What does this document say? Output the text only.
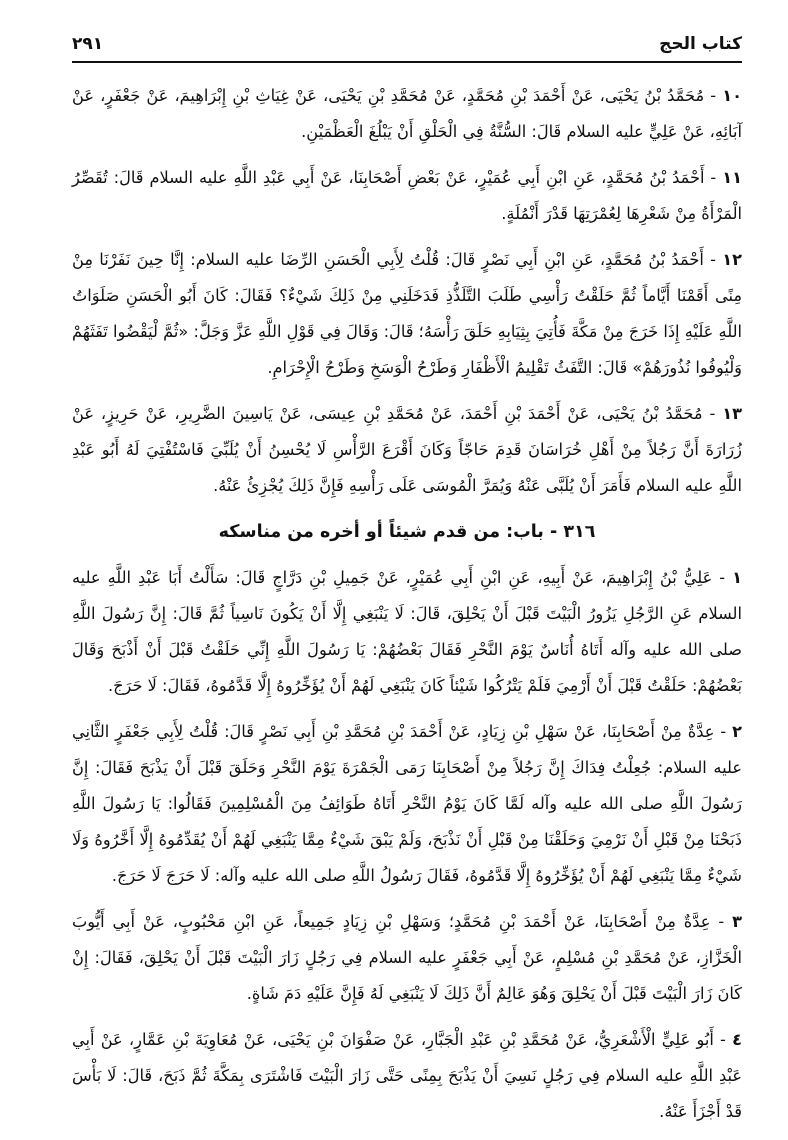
كتاب الحج
٢٩١

١٠ - مُحَمَّدُ بْنُ يَحْيَى، عَنْ أَحْمَدَ بْنِ مُحَمَّدٍ، عَنْ مُحَمَّدِ بْنِ يَحْيَى، عَنْ غِيَاثِ بْنِ إِبْرَاهِيمَ، عَنْ جَعْفَرٍ، عَنْ آبَائِهِ، عَنْ عَلِيٍّ عليه السلام قَالَ: السُّنَّةُ فِي الْحَلْقِ أَنْ يَبْلُغَ الْعَظْمَيْنِ.

١١ - أَحْمَدُ بْنُ مُحَمَّدٍ، عَنِ ابْنِ أَبِي عُمَيْرٍ، عَنْ بَعْضِ أَصْحَابِنَا، عَنْ أَبِي عَبْدِ اللَّهِ عليه السلام قَالَ: تُقَصِّرُ الْمَرْأَةُ مِنْ شَعْرِهَا لِعُمْرَتِهَا قَدْرَ أَنْمُلَةٍ.

١٢ - أَحْمَدُ بْنُ مُحَمَّدٍ، عَنِ ابْنِ أَبِي نَصْرٍ قَالَ: قُلْتُ لِأَبِي الْحَسَنِ الرِّضَا عليه السلام: إِنَّا حِينَ نَفَرْنَا مِنْ مِنًى أَقَمْنَا أَيَّاماً ثُمَّ حَلَقْتُ رَأْسِي طَلَبَ التَّلَذُّذِ فَدَخَلَنِي مِنْ ذَلِكَ شَيْءٌ؟ فَقَالَ: كَانَ أَبُو الْحَسَنِ صَلَوَاتُ اللَّهِ عَلَيْهِ إِذَا خَرَجَ مِنْ مَكَّةَ فَأُتِيَ بِثِيَابِهِ حَلَقَ رَأْسَهُ؛ قَالَ: وَقَالَ فِي قَوْلِ اللَّهِ عَزَّ وَجَلَّ: «ثُمَّ لْيَقْضُوا تَفَثَهُمْ وَلْيُوفُوا نُذُورَهُمْ» قَالَ: التَّفَثُ تَقْلِيمُ الْأَظْفَارِ وَطَرْحُ الْوَسَخِ وَطَرْحُ الْإِحْرَامِ.

١٣ - مُحَمَّدُ بْنُ يَحْيَى، عَنْ أَحْمَدَ بْنِ أَحْمَدَ، عَنْ مُحَمَّدِ بْنِ عِيسَى، عَنْ يَاسِينَ الضَّرِيرِ، عَنْ حَرِيزٍ، عَنْ زُرَارَةَ أَنَّ رَجُلاً مِنْ أَهْلِ خُرَاسَانَ قَدِمَ حَاجّاً وَكَانَ أَقْرَعَ الرَّأْسِ لَا يُحْسِنُ أَنْ يُلَبِّيَ فَاسْتُفْتِيَ لَهُ أَبُو عَبْدِ اللَّهِ عليه السلام فَأَمَرَ أَنْ يُلَبَّى عَنْهُ وَيُمَرَّ الْمُوسَى عَلَى رَأْسِهِ فَإِنَّ ذَلِكَ يُجْزِئُ عَنْهُ.

٣١٦ - باب: من قدم شيئاً أو أخره من مناسكه

١ - عَلِيُّ بْنُ إِبْرَاهِيمَ، عَنْ أَبِيهِ، عَنِ ابْنِ أَبِي عُمَيْرٍ، عَنْ جَمِيلِ بْنِ دَرَّاجٍ قَالَ: سَأَلْتُ أَبَا عَبْدِ اللَّهِ عليه السلام عَنِ الرَّجُلِ يَزُورُ الْبَيْتَ قَبْلَ أَنْ يَحْلِقَ، قَالَ: لَا يَنْبَغِي إِلَّا أَنْ يَكُونَ نَاسِياً ثُمَّ قَالَ: إِنَّ رَسُولَ اللَّهِ صلى الله عليه وآله أَتَاهُ أُنَاسٌ يَوْمَ النَّحْرِ فَقَالَ بَعْضُهُمْ: يَا رَسُولَ اللَّهِ إِنِّي حَلَقْتُ قَبْلَ أَنْ أَذْبَحَ وَقَالَ بَعْضُهُمْ: حَلَقْتُ قَبْلَ أَنْ أَرْمِيَ فَلَمْ يَتْرُكُوا شَيْئاً كَانَ يَنْبَغِي لَهُمْ أَنْ يُؤَخِّرُوهُ إِلَّا قَدَّمُوهُ، فَقَالَ: لَا حَرَجَ.

٢ - عِدَّةٌ مِنْ أَصْحَابِنَا، عَنْ سَهْلِ بْنِ زِيَادٍ، عَنْ أَحْمَدَ بْنِ مُحَمَّدِ بْنِ أَبِي نَصْرٍ قَالَ: قُلْتُ لِأَبِي جَعْفَرٍ الثَّانِي عليه السلام: جُعِلْتُ فِدَاكَ إِنَّ رَجُلاً مِنْ أَصْحَابِنَا رَمَى الْجَمْرَةَ يَوْمَ النَّحْرِ وَحَلَقَ قَبْلَ أَنْ يَذْبَحَ فَقَالَ: إِنَّ رَسُولَ اللَّهِ صلى الله عليه وآله لَمَّا كَانَ يَوْمُ النَّحْرِ أَتَاهُ طَوَائِفُ مِنَ الْمُسْلِمِينَ فَقَالُوا: يَا رَسُولَ اللَّهِ ذَبَحْنَا مِنْ قَبْلِ أَنْ نَرْمِيَ وَحَلَقْنَا مِنْ قَبْلِ أَنْ نَذْبَحَ، وَلَمْ يَبْقَ شَيْءٌ مِمَّا يَنْبَغِي لَهُمْ أَنْ يُقَدِّمُوهُ إِلَّا أَخَّرُوهُ وَلَا شَيْءٌ مِمَّا يَنْبَغِي لَهُمْ أَنْ يُؤَخِّرُوهُ إِلَّا قَدَّمُوهُ، فَقَالَ رَسُولُ اللَّهِ صلى الله عليه وآله: لَا حَرَجَ لَا حَرَجَ.

٣ - عِدَّةٌ مِنْ أَصْحَابِنَا، عَنْ أَحْمَدَ بْنِ مُحَمَّدٍ؛ وَسَهْلِ بْنِ زِيَادٍ جَمِيعاً، عَنِ ابْنِ مَحْبُوبٍ، عَنْ أَبِي أَيُّوبَ الْخَزَّازِ، عَنْ مُحَمَّدِ بْنِ مُسْلِمٍ، عَنْ أَبِي جَعْفَرٍ عليه السلام فِي رَجُلٍ زَارَ الْبَيْتَ قَبْلَ أَنْ يَحْلِقَ، فَقَالَ: إِنْ كَانَ زَارَ الْبَيْتَ قَبْلَ أَنْ يَحْلِقَ وَهُوَ عَالِمٌ أَنَّ ذَلِكَ لَا يَنْبَغِي لَهُ فَإِنَّ عَلَيْهِ دَمَ شَاةٍ.

٤ - أَبُو عَلِيٍّ الْأَشْعَرِيُّ، عَنْ مُحَمَّدِ بْنِ عَبْدِ الْجَبَّارِ، عَنْ صَفْوَانَ بْنِ يَحْيَى، عَنْ مُعَاوِيَةَ بْنِ عَمَّارٍ، عَنْ أَبِي عَبْدِ اللَّهِ عليه السلام فِي رَجُلٍ نَسِيَ أَنْ يَذْبَحَ بِمِنًى حَتَّى زَارَ الْبَيْتَ فَاشْتَرَى بِمَكَّةَ ثُمَّ ذَبَحَ، قَالَ: لَا بَأْسَ قَدْ أَجْزَأَ عَنْهُ.
